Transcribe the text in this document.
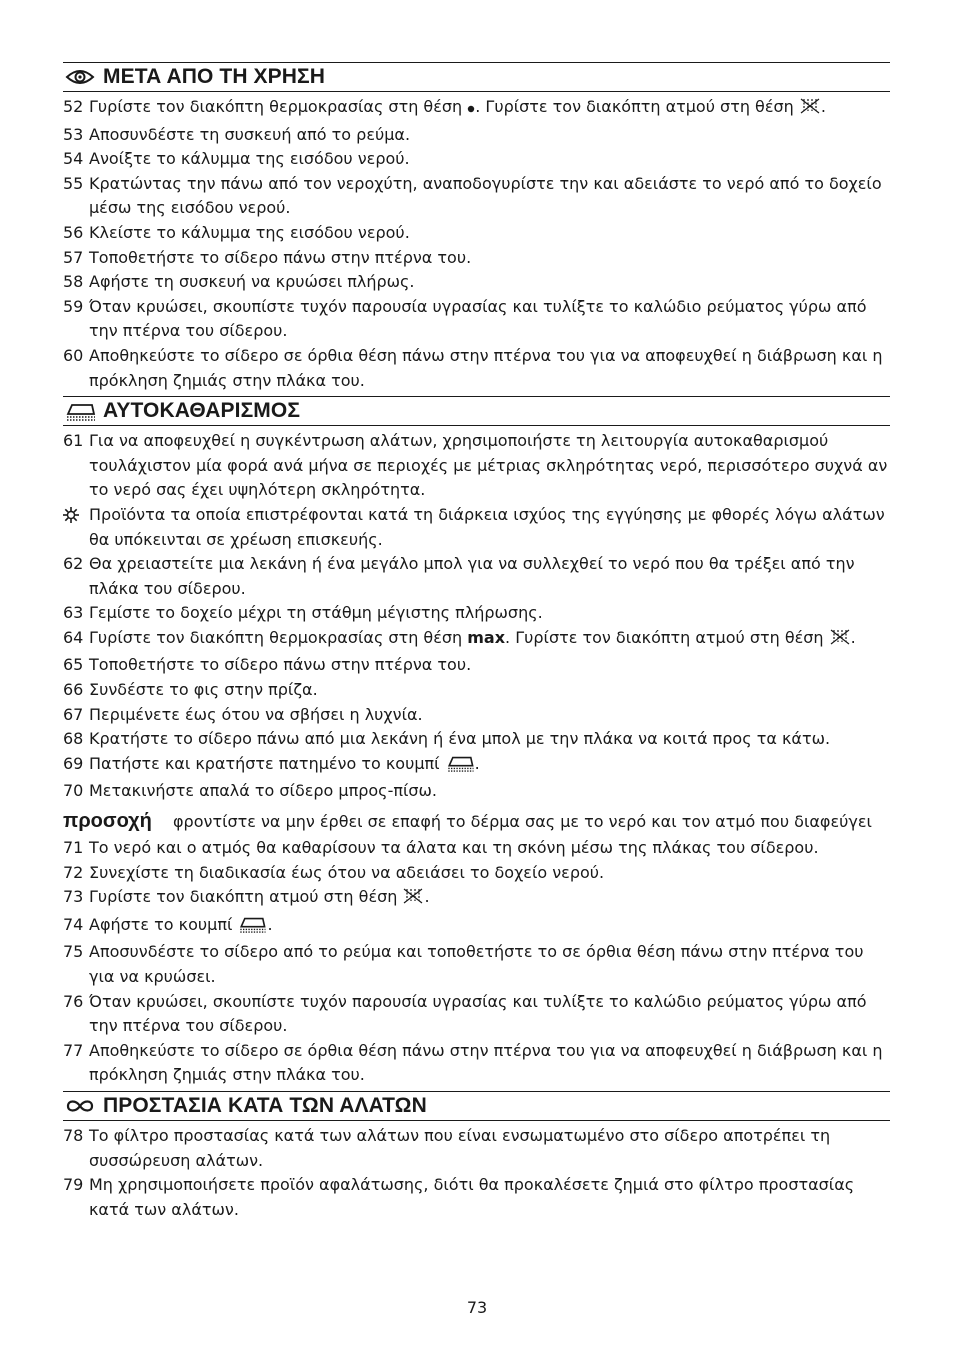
ΜΕΤΑ ΑΠΟ ΤΗ ΧΡΗΣΗ
52 Γυρίστε τον διακόπτη θερμοκρασίας στη θέση . Γυρίστε τον διακόπτη ατμού στη θέση .
53 Αποσυνδέστε τη συσκευή από το ρεύμα.
54 Ανοίξτε το κάλυμμα της εισόδου νερού.
55 Κρατώντας την πάνω από τον νεροχύτη, αναποδογυρίστε την και αδειάστε το νερό από το δοχείο μέσω της εισόδου νερού.
56 Κλείστε το κάλυμμα της εισόδου νερού.
57 Τοποθετήστε το σίδερο πάνω στην πτέρνα του.
58 Αφήστε τη συσκευή να κρυώσει πλήρως.
59 Όταν κρυώσει, σκουπίστε τυχόν παρουσία υγρασίας και τυλίξτε το καλώδιο ρεύματος γύρω από την πτέρνα του σίδερου.
60 Αποθηκεύστε το σίδερο σε όρθια θέση πάνω στην πτέρνα του για να αποφευχθεί η διάβρωση και η πρόκληση ζημιάς στην πλάκα του.
ΑΥΤΟΚΑΘΑΡΙΣΜΟΣ
61 Για να αποφευχθεί η συγκέντρωση αλάτων, χρησιμοποιήστε τη λειτουργία αυτοκαθαρισμού τουλάχιστον μία φορά ανά μήνα σε περιοχές με μέτριας σκληρότητας νερό, περισσότερο συχνά αν το νερό σας έχει υψηλότερη σκληρότητα.
Προϊόντα τα οποία επιστρέφονται κατά τη διάρκεια ισχύος της εγγύησης με φθορές λόγω αλάτων θα υπόκεινται σε χρέωση επισκευής.
62 Θα χρειαστείτε μια λεκάνη ή ένα μεγάλο μπολ για να συλλεχθεί το νερό που θα τρέξει από την πλάκα του σίδερου.
63 Γεμίστε το δοχείο μέχρι τη στάθμη μέγιστης πλήρωσης.
64 Γυρίστε τον διακόπτη θερμοκρασίας στη θέση max. Γυρίστε τον διακόπτη ατμού στη θέση .
65 Τοποθετήστε το σίδερο πάνω στην πτέρνα του.
66 Συνδέστε το φις στην πρίζα.
67 Περιμένετε έως ότου να σβήσει η λυχνία.
68 Κρατήστε το σίδερο πάνω από μια λεκάνη ή ένα μπολ με την πλάκα να κοιτά προς τα κάτω.
69 Πατήστε και κρατήστε πατημένο το κουμπί .
70 Μετακινήστε απαλά το σίδερο μπρος-πίσω.
προσοχή	φροντίστε να μην έρθει σε επαφή το δέρμα σας με το νερό και τον ατμό που διαφεύγει
71 Το νερό και ο ατμός θα καθαρίσουν τα άλατα και τη σκόνη μέσω της πλάκας του σίδερου.
72 Συνεχίστε τη διαδικασία έως ότου να αδειάσει το δοχείο νερού.
73 Γυρίστε τον διακόπτη ατμού στη θέση .
74 Αφήστε το κουμπί .
75 Αποσυνδέστε το σίδερο από το ρεύμα και τοποθετήστε το σε όρθια θέση πάνω στην πτέρνα του για να κρυώσει.
76 Όταν κρυώσει, σκουπίστε τυχόν παρουσία υγρασίας και τυλίξτε το καλώδιο ρεύματος γύρω από την πτέρνα του σίδερου.
77 Αποθηκεύστε το σίδερο σε όρθια θέση πάνω στην πτέρνα του για να αποφευχθεί η διάβρωση και η πρόκληση ζημιάς στην πλάκα του.
ΠΡΟΣΤΑΣΙΑ ΚΑΤΑ ΤΩΝ ΑΛΑΤΩΝ
78 Το φίλτρο προστασίας κατά των αλάτων που είναι ενσωματωμένο στο σίδερο αποτρέπει τη συσσώρευση αλάτων.
79 Μη χρησιμοποιήσετε προϊόν αφαλάτωσης, διότι θα προκαλέσετε ζημιά στο φίλτρο προστασίας κατά των αλάτων.
73
